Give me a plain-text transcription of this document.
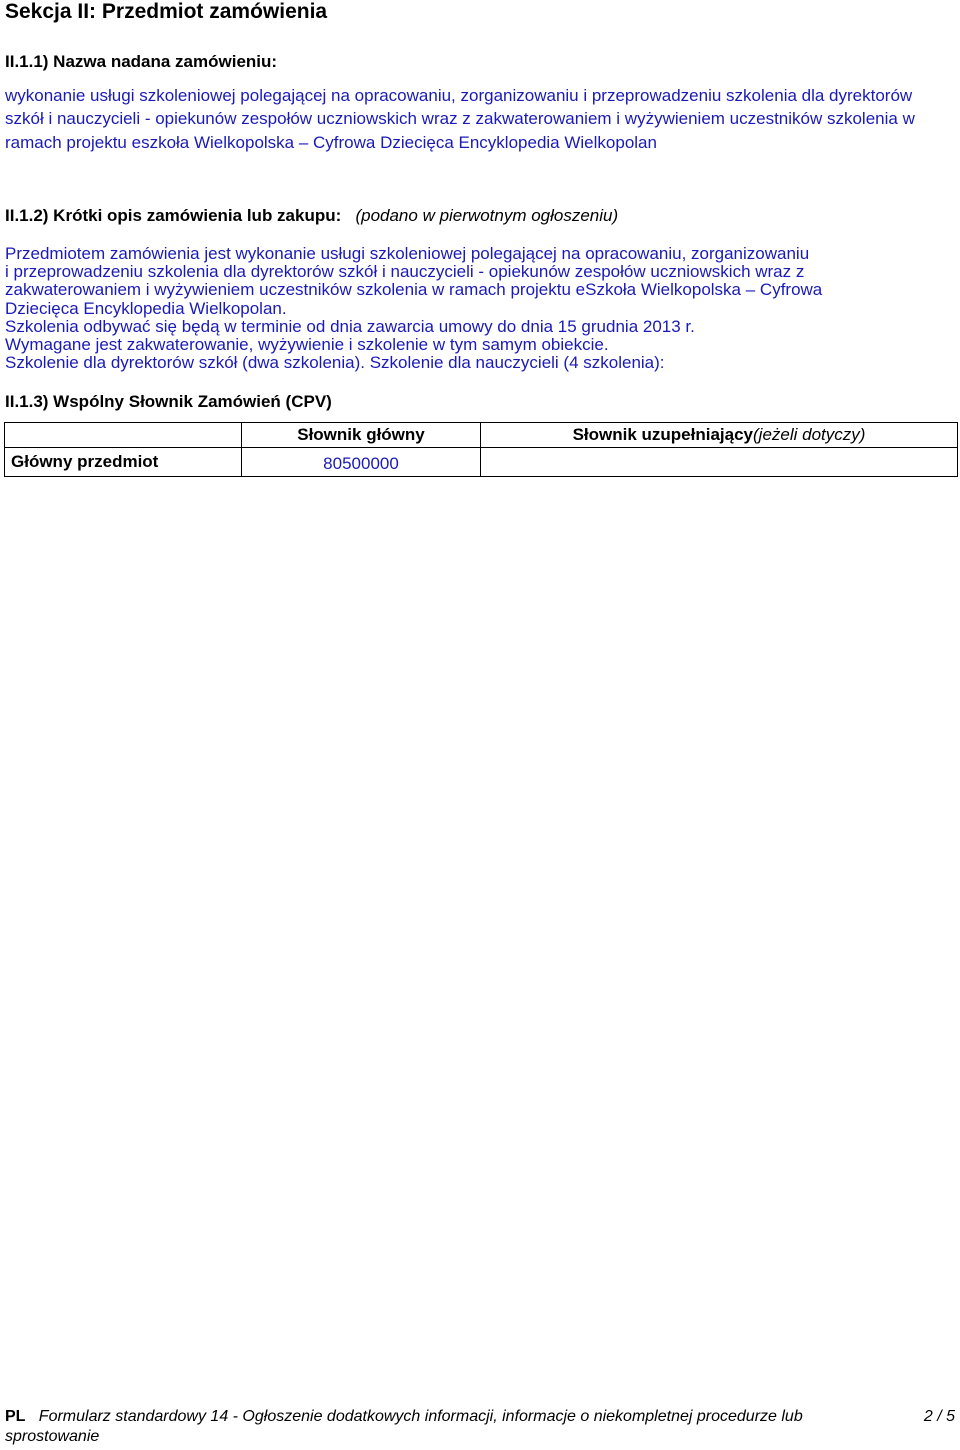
Sekcja II: Przedmiot zamówienia
II.1.1) Nazwa nadana zamówieniu:
wykonanie usługi szkoleniowej polegającej na opracowaniu, zorganizowaniu i przeprowadzeniu szkolenia dla dyrektorów szkół i nauczycieli - opiekunów zespołów uczniowskich wraz z zakwaterowaniem i wyżywieniem uczestników szkolenia w ramach projektu eszkoła Wielkopolska – Cyfrowa Dziecięca Encyklopedia Wielkopolan
II.1.2) Krótki opis zamówienia lub zakupu: (podano w pierwotnym ogłoszeniu)
Przedmiotem zamówienia jest wykonanie usługi szkoleniowej polegającej na opracowaniu, zorganizowaniu
i przeprowadzeniu szkolenia dla dyrektorów szkół i nauczycieli - opiekunów zespołów uczniowskich wraz z
zakwaterowaniem i wyżywieniem uczestników szkolenia w ramach projektu eSzkoła Wielkopolska – Cyfrowa
Dziecięca Encyklopedia Wielkopolan.
Szkolenia odbywać się będą w terminie od dnia zawarcia umowy do dnia 15 grudnia 2013 r.
Wymagane jest zakwaterowanie, wyżywienie i szkolenie w tym samym obiekcie.
Szkolenie dla dyrektorów szkół (dwa szkolenia). Szkolenie dla nauczycieli (4 szkolenia):
II.1.3) Wspólny Słownik Zamówień (CPV)
	Słownik główny	Słownik uzupełniający(jeżeli dotyczy)
Główny przedmiot	80500000	
PL Formularz standardowy 14 - Ogłoszenie dodatkowych informacji, informacje o niekompletnej procedurze lub
sprostowanie
2 / 5
